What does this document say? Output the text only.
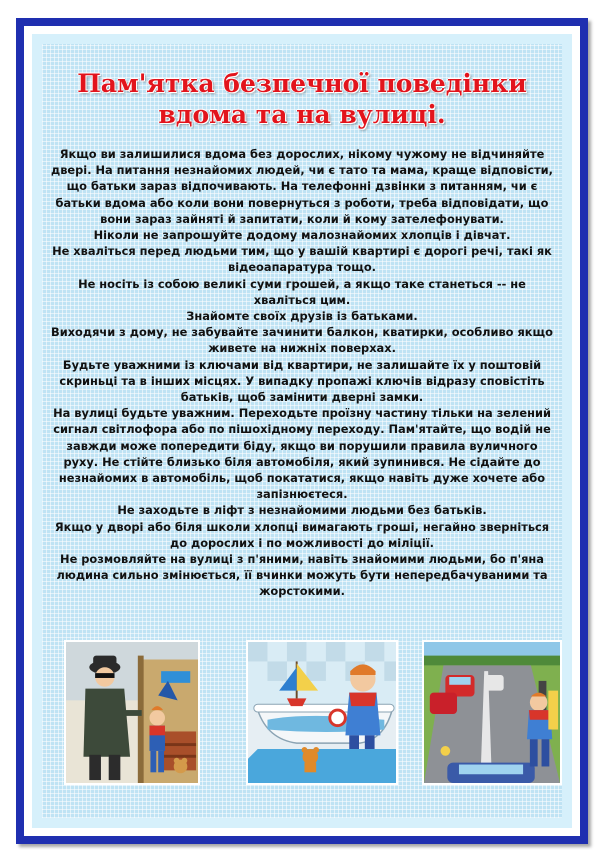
Пам'ятка безпечної поведінки
вдома та на вулиці.

Якщо ви залишилися вдома без дорослих, нікому чужому не відчиняйте двері. На питання незнайомих людей, чи є тато та мама, краще відповісти, що батьки зараз відпочивають. На телефонні дзвінки з питанням, чи є батьки вдома або коли вони повернуться з роботи, треба відповідати, що вони зараз зайняті й запитати, коли й кому зателефонувати.

Ніколи не запрошуйте додому малознайомих хлопців і дівчат.

Не хваліться перед людьми тим, що у вашій квартирі є дорогі речі, такі як відеоапаратура тощо.

Не носіть із собою великі суми грошей, а якщо таке станеться -- не хваліться цим.

Знайомте своїх друзів із батьками.

Виходячи з дому, не забувайте зачинити балкон, кватирки, особливо якщо живете на нижніх поверхах.

Будьте уважними із ключами від квартири, не залишайте їх у поштовій скриньці та в інших місцях. У випадку пропажі ключів відразу сповістіть батьків, щоб замінити дверні замки.

На вулиці будьте уважним. Переходьте проїзну частину тільки на зелений сигнал світлофора або по пішохідному переходу. Пам'ятайте, що водій не завжди може попередити біду, якщо ви порушили правила вуличного руху. Не стійте близько біля автомобіля, який зупинився. Не сідайте до незнайомих в автомобіль, щоб покататися, якщо навіть дуже хочете або запізнюєтеся.

Не заходьте в ліфт з незнайомими людьми без батьків.

Якщо у дворі або біля школи хлопці вимагають гроші, негайно зверніться до дорослих і по можливості до міліції.

Не розмовляйте на вулиці з п'яними, навіть знайомими людьми, бо п'яна людина сильно змінюється, її вчинки можуть бути непередбачуваними та жорстокими.
